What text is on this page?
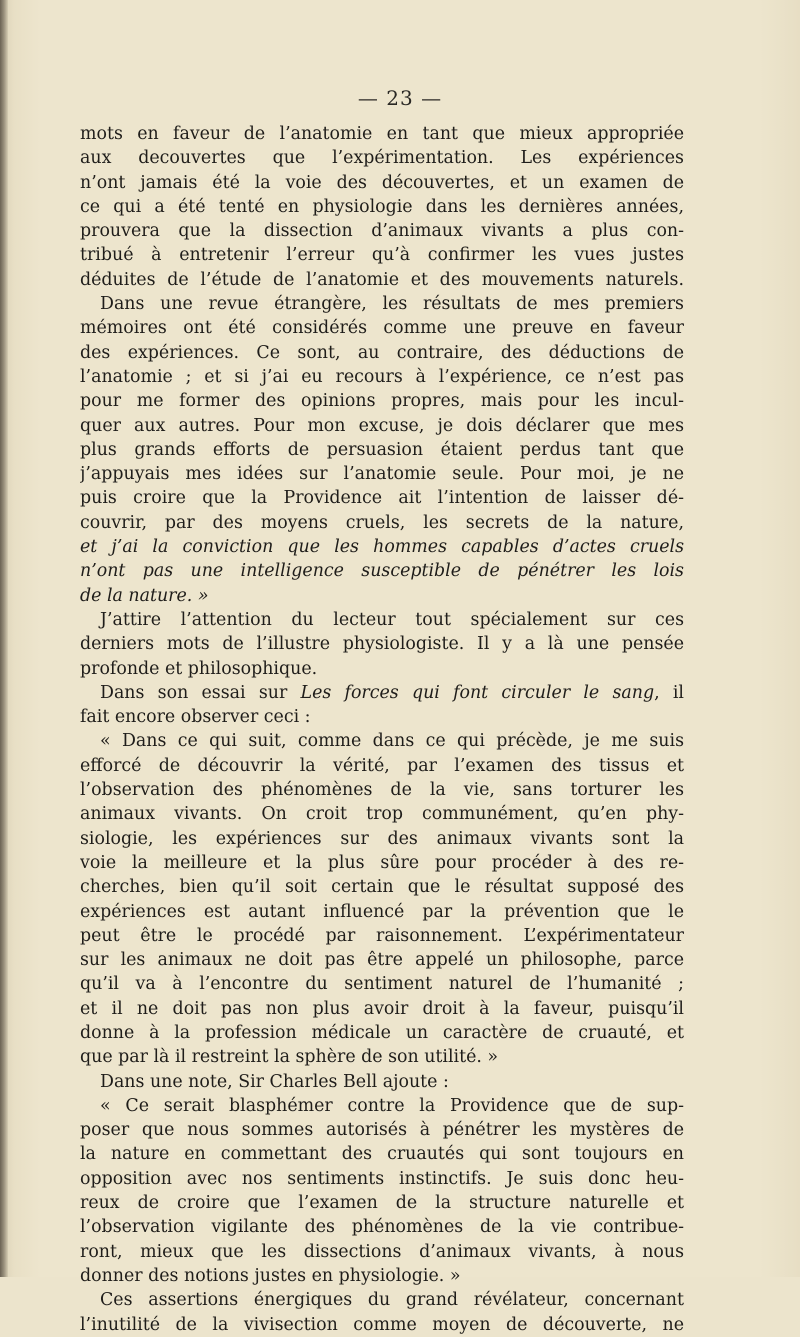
— 23 —
mots en faveur de l’anatomie en tant que mieux appropriée
aux decouvertes que l’expérimentation. Les expériences
n’ont jamais été la voie des découvertes, et un examen de
ce qui a été tenté en physiologie dans les dernières années,
prouvera que la dissection d’animaux vivants a plus con-
tribué à entretenir l’erreur qu’à confirmer les vues justes
déduites de l’étude de l’anatomie et des mouvements naturels.
Dans une revue étrangère, les résultats de mes premiers
mémoires ont été considérés comme une preuve en faveur
des expériences. Ce sont, au contraire, des déductions de
l’anatomie ; et si j’ai eu recours à l’expérience, ce n’est pas
pour me former des opinions propres, mais pour les incul-
quer aux autres. Pour mon excuse, je dois déclarer que mes
plus grands efforts de persuasion étaient perdus tant que
j’appuyais mes idées sur l’anatomie seule. Pour moi, je ne
puis croire que la Providence ait l’intention de laisser dé-
couvrir, par des moyens cruels, les secrets de la nature,
et j’ai la conviction que les hommes capables d’actes cruels
n’ont pas une intelligence susceptible de pénétrer les lois
de la nature. »
J’attire l’attention du lecteur tout spécialement sur ces
derniers mots de l’illustre physiologiste. Il y a là une pensée
profonde et philosophique.
Dans son essai sur Les forces qui font circuler le sang, il
fait encore observer ceci :
« Dans ce qui suit, comme dans ce qui précède, je me suis
efforcé de découvrir la vérité, par l’examen des tissus et
l’observation des phénomènes de la vie, sans torturer les
animaux vivants. On croit trop communément, qu’en phy-
siologie, les expériences sur des animaux vivants sont la
voie la meilleure et la plus sûre pour procéder à des re-
cherches, bien qu’il soit certain que le résultat supposé des
expériences est autant influencé par la prévention que le
peut être le procédé par raisonnement. L’expérimentateur
sur les animaux ne doit pas être appelé un philosophe, parce
qu’il va à l’encontre du sentiment naturel de l’humanité ;
et il ne doit pas non plus avoir droit à la faveur, puisqu’il
donne à la profession médicale un caractère de cruauté, et
que par là il restreint la sphère de son utilité. »
Dans une note, Sir Charles Bell ajoute :
« Ce serait blasphémer contre la Providence que de sup-
poser que nous sommes autorisés à pénétrer les mystères de
la nature en commettant des cruautés qui sont toujours en
opposition avec nos sentiments instinctifs. Je suis donc heu-
reux de croire que l’examen de la structure naturelle et
l’observation vigilante des phénomènes de la vie contribue-
ront, mieux que les dissections d’animaux vivants, à nous
donner des notions justes en physiologie. »
Ces assertions énergiques du grand révélateur, concernant
l’inutilité de la vivisection comme moyen de découverte, ne
